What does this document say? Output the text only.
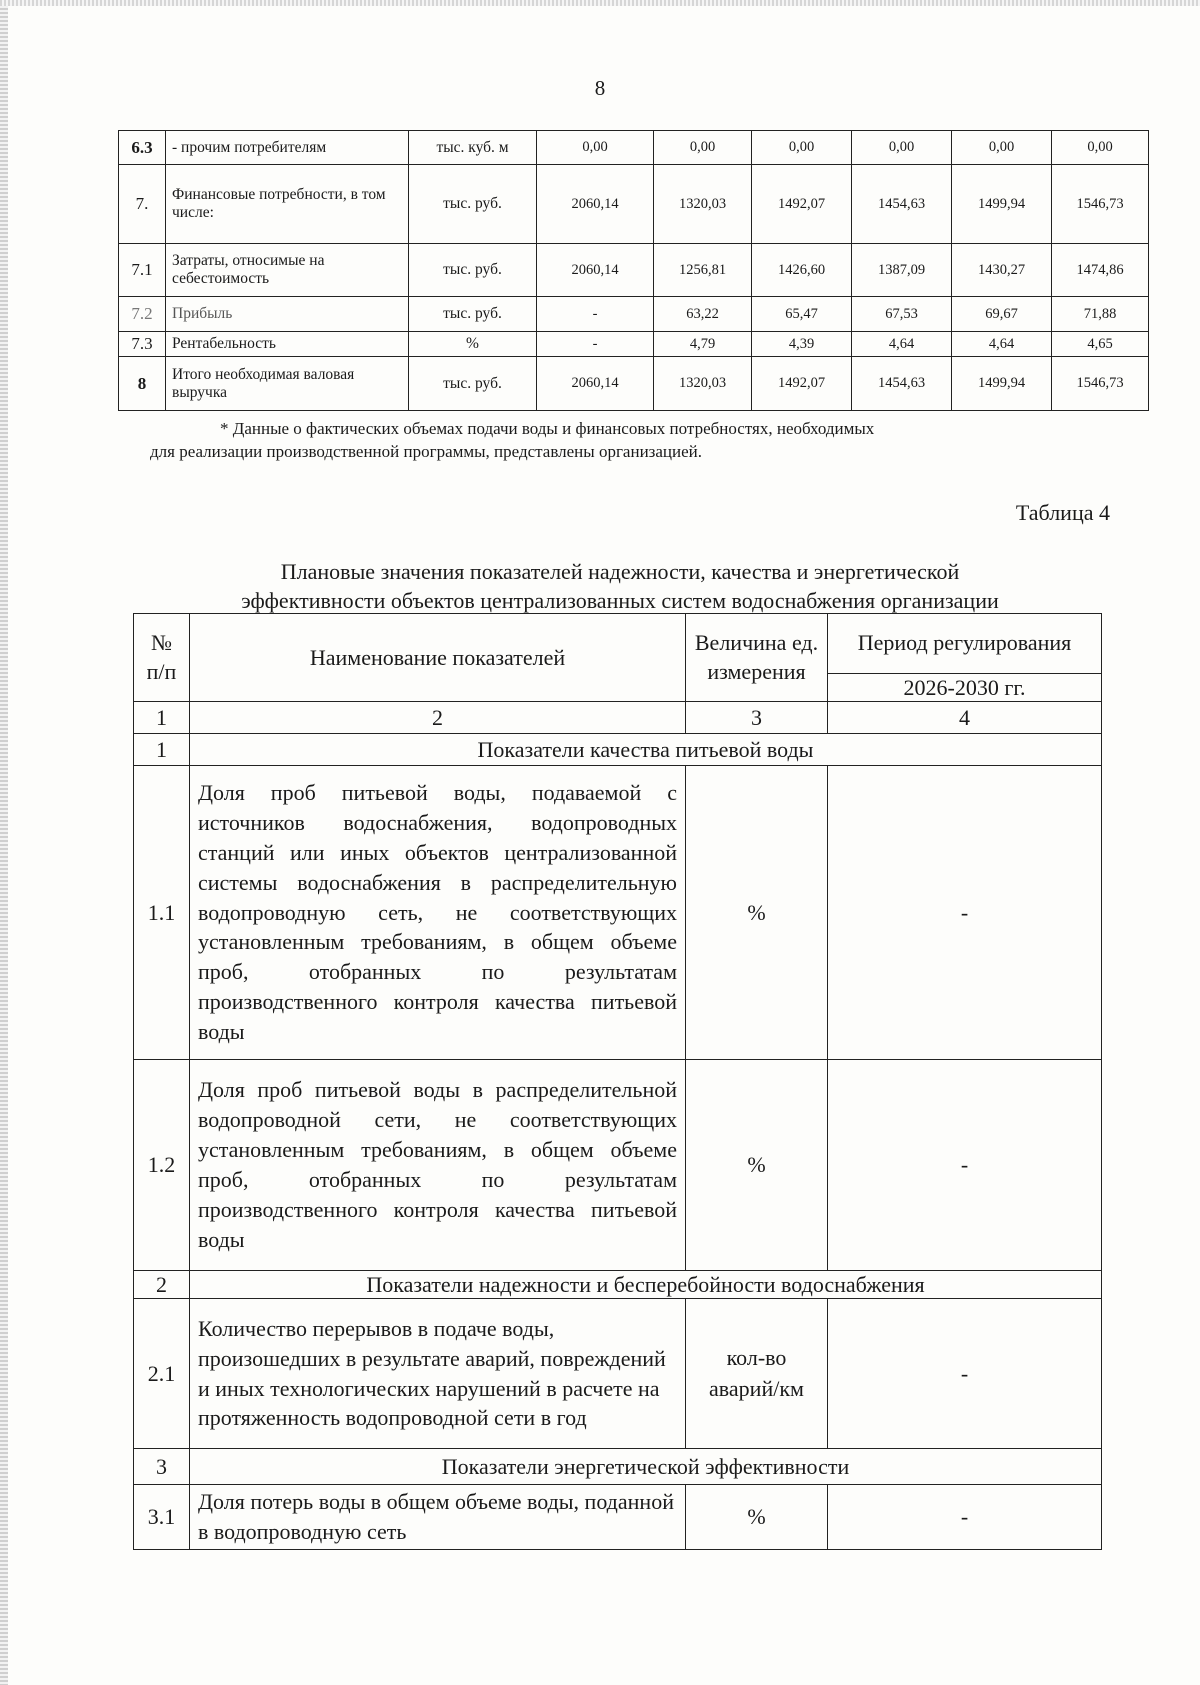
8
6.3	- прочим потребителям	тыс. куб. м	0,00	0,00	0,00	0,00	0,00	0,00
7.	Финансовые потребности, в том числе:	тыс. руб.	2060,14	1320,03	1492,07	1454,63	1499,94	1546,73
7.1	Затраты, относимые на себестоимость	тыс. руб.	2060,14	1256,81	1426,60	1387,09	1430,27	1474,86
7.2	Прибыль	тыс. руб.	-	63,22	65,47	67,53	69,67	71,88
7.3	Рентабельность	%	-	4,79	4,39	4,64	4,64	4,65
8	Итого необходимая валовая выручка	тыс. руб.	2060,14	1320,03	1492,07	1454,63	1499,94	1546,73
* Данные о фактических объемах подачи воды и финансовых потребностях, необходимых
для реализации производственной программы, представлены организацией.
Таблица 4
Плановые значения показателей надежности, качества и энергетической
эффективности объектов централизованных систем водоснабжения организации
№ п/п	Наименование показателей	Величина ед. измерения	Период регулирования
			2026-2030 гг.
1	2	3	4
1	Показатели качества питьевой воды		
1.1	Доля проб питьевой воды, подаваемой с источников водоснабжения, водопроводных станций или иных объектов централизованной системы водоснабжения в распределительную водопроводную сеть, не соответствующих установленным требованиям, в общем объеме проб, отобранных по результатам производственного контроля качества питьевой воды	%	-
1.2	Доля проб питьевой воды в распределительной водопроводной сети, не соответствующих установленным требованиям, в общем объеме проб, отобранных по результатам производственного контроля качества питьевой воды	%	-
2	Показатели надежности и бесперебойности водоснабжения		
2.1	Количество перерывов в подаче воды, произошедших в результате аварий, повреждений и иных технологических нарушений в расчете на протяженность водопроводной сети в год	кол-во аварий/км	-
3	Показатели энергетической эффективности		
3.1	Доля потерь воды в общем объеме воды, поданной в водопроводную сеть	%	-
